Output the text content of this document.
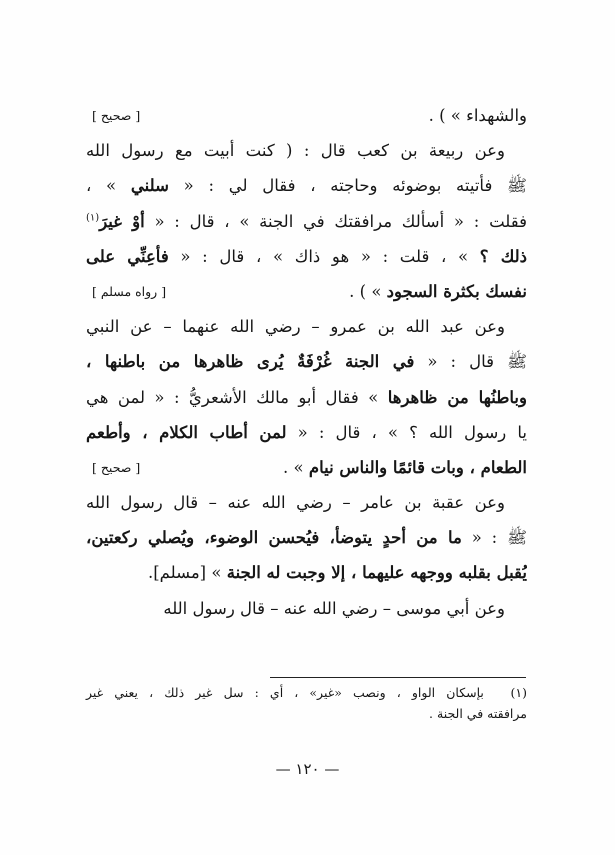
والشهداء » ) .
[ صحيح ]
وعن ربيعة بن كعب قال : ( كنت أبيت مع رسول الله
ﷺ فأتيته بوضوئه وحاجته ، فقال لي : « سلني » ،
فقلت : « أسألك مرافقتك في الجنة » ، قال : « أوْ غيرَ$^{(١)}$
ذلك ؟ » ، قلت : « هو ذاك » ، قال : « فأعِنِّي على
نفسك بكثرة السجود » ) .
[ رواه مسلم ]
وعن عبد الله بن عمرو – رضي الله عنهما – عن النبي
ﷺ قال : « في الجنة غُرْفَةٌ يُرى ظاهرها من باطنها ،
وباطنُها من ظاهرها » فقال أبو مالك الأشعريُّ : « لمن هي
يا رسول الله ؟ » ، قال : « لمن أطاب الكلام ، وأطعم
الطعام ، وبات قائمًا والناس نيام » .
[ صحيح ]
وعن عقبة بن عامر – رضي الله عنه – قال رسول الله
ﷺ : « ما من أحدٍ يتوضأ، فيُحسن الوضوء، ويُصلي ركعتين،
يُقبل بقلبه ووجهه عليهما ، إلا وجبت له الجنة » [مسلم].
وعن أبي موسى – رضي الله عنه – قال رسول الله
(١) بإسكان الواو ، ونصب «غير» ، أي : سل غير ذلك ، يعني غير
مرافقته في الجنة .
— ١٢٠ —
